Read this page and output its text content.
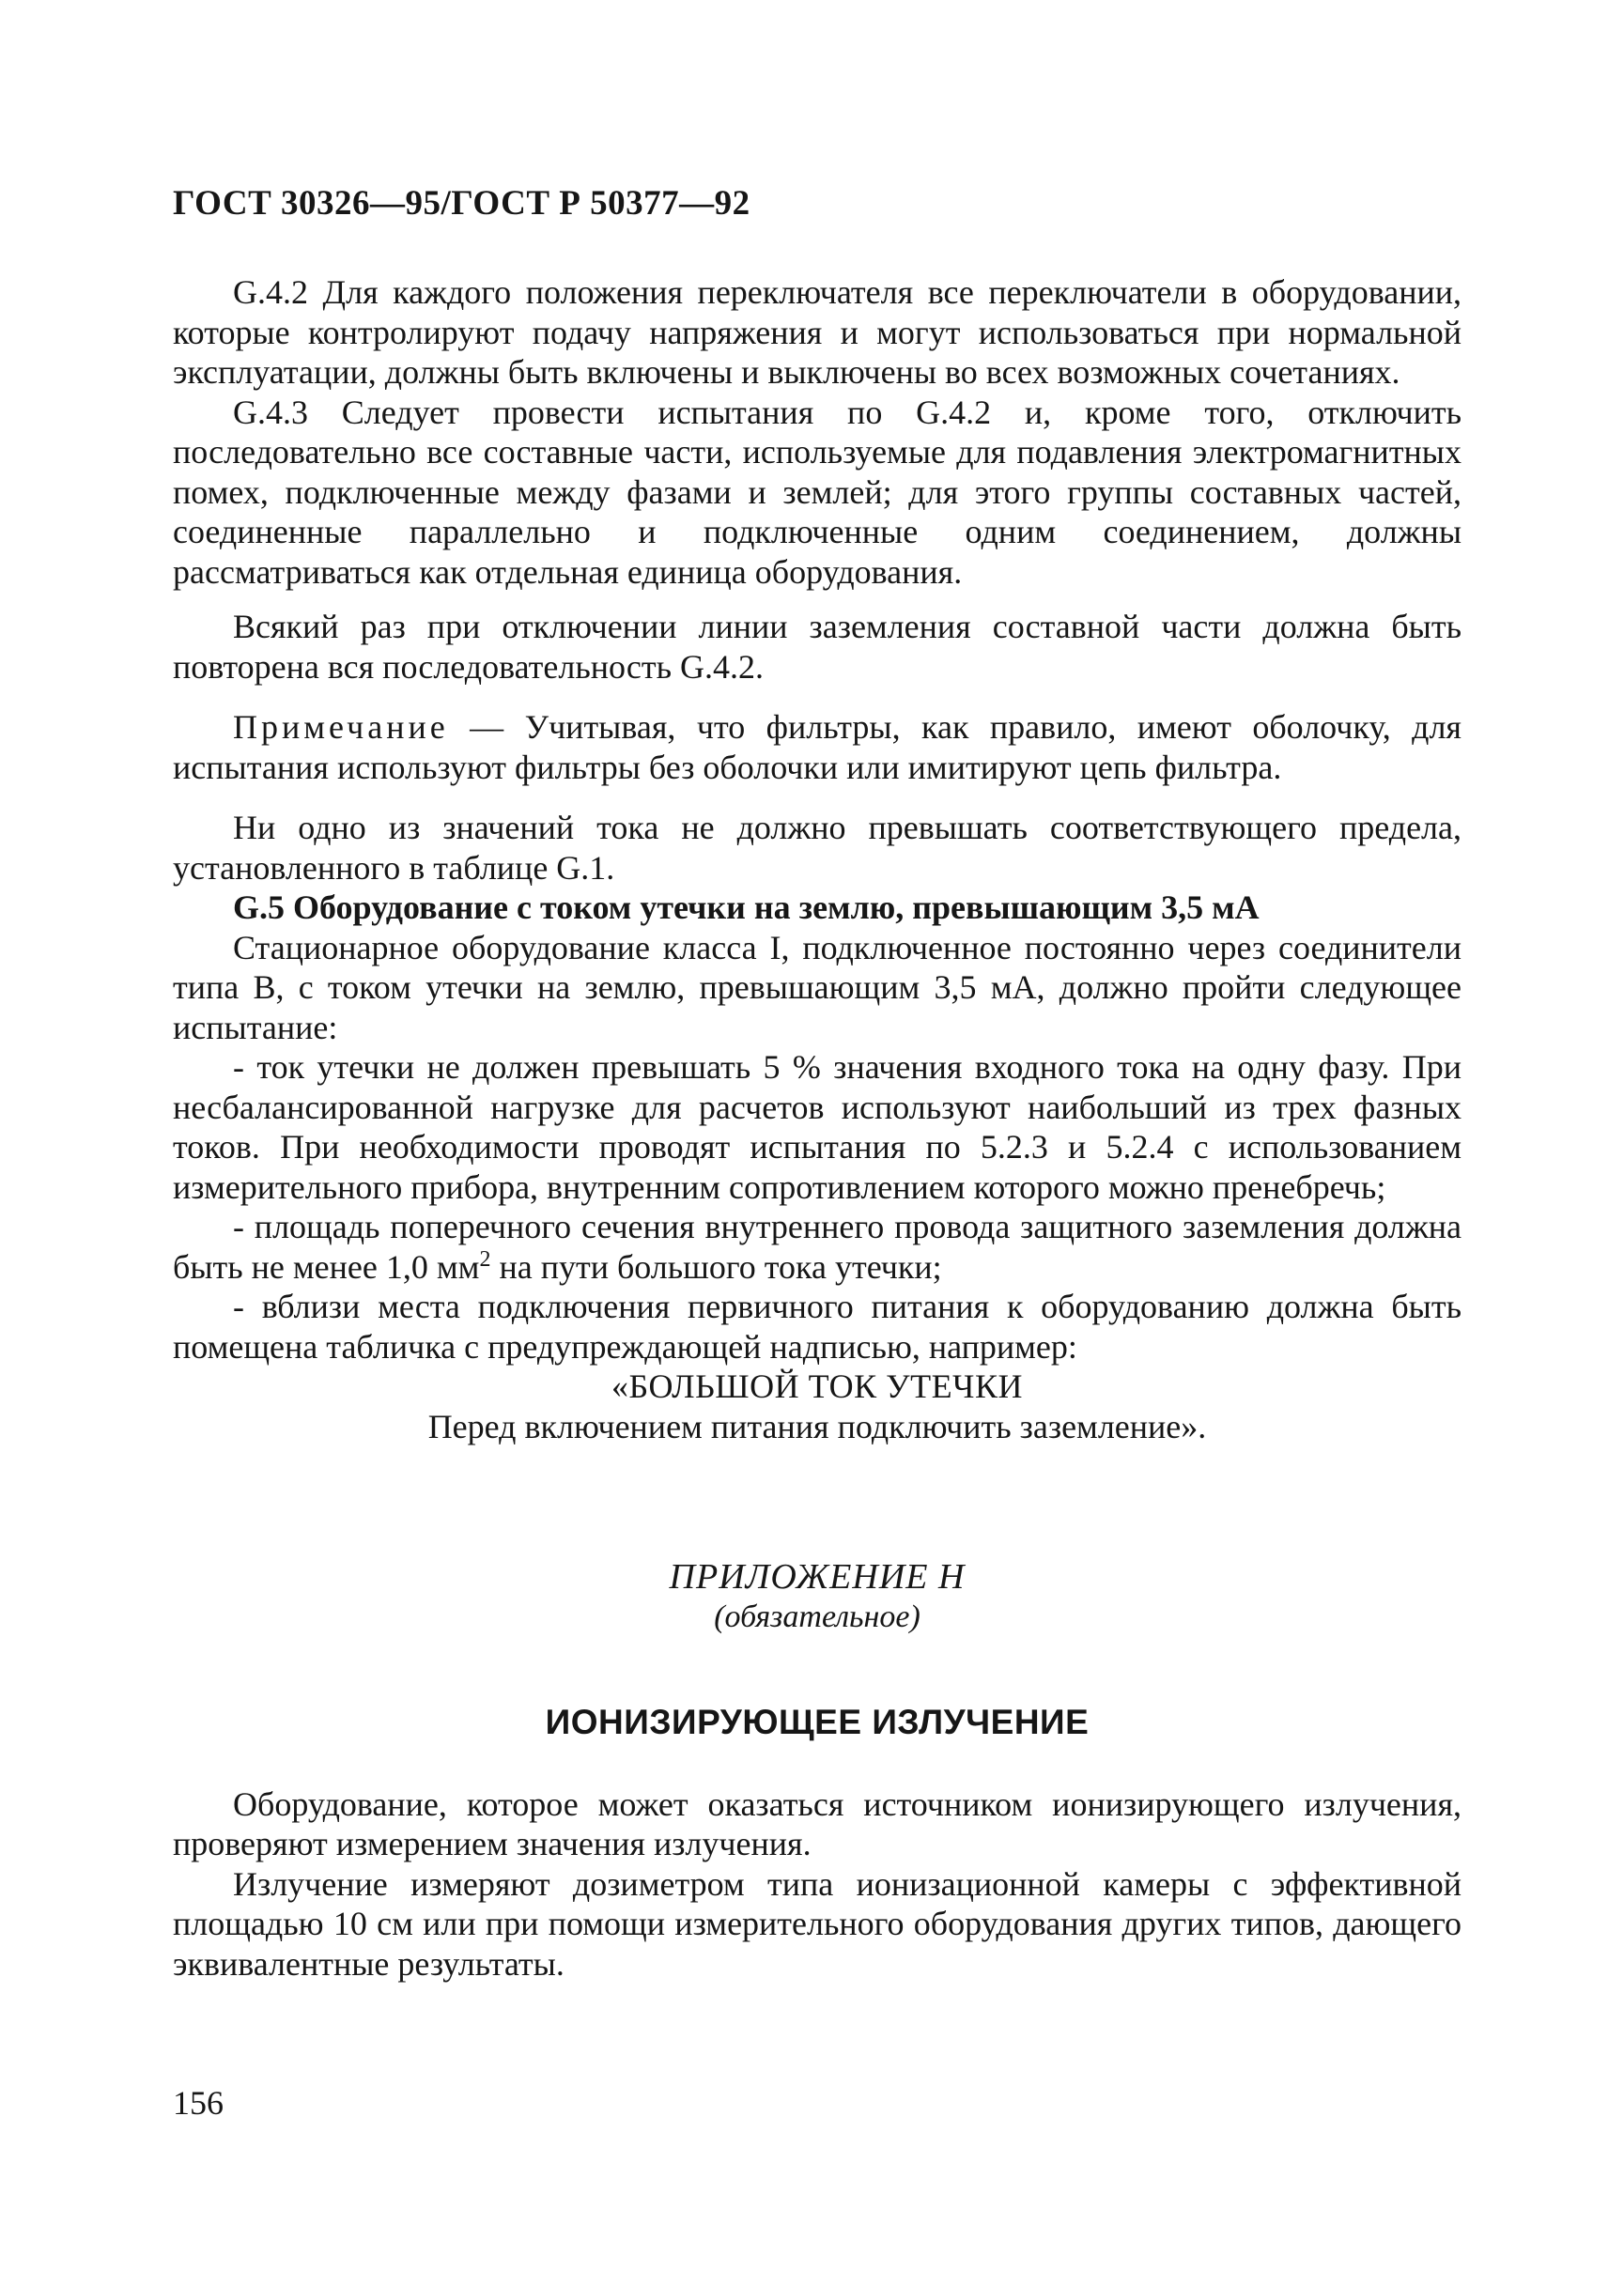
ГОСТ 30326—95/ГОСТ Р 50377—92

G.4.2 Для каждого положения переключателя все переключатели в оборудовании, которые контролируют подачу напряжения и могут использоваться при нормальной эксплуатации, должны быть включены и выключены во всех возможных сочетаниях.

G.4.3 Следует провести испытания по G.4.2 и, кроме того, отключить последовательно все составные части, используемые для подавления электромагнитных помех, подключенные между фазами и землей; для этого группы составных частей, соединенные параллельно и подключенные одним соединением, должны рассматриваться как отдельная единица оборудования.

Всякий раз при отключении линии заземления составной части должна быть повторена вся последовательность G.4.2.

Примечание — Учитывая, что фильтры, как правило, имеют оболочку, для испытания используют фильтры без оболочки или имитируют цепь фильтра.

Ни одно из значений тока не должно превышать соответствующего предела, установленного в таблице G.1.

G.5 Оборудование с током утечки на землю, превышающим 3,5 мА

Стационарное оборудование класса I, подключенное постоянно через соединители типа В, с током утечки на землю, превышающим 3,5 мА, должно пройти следующее испытание:

- ток утечки не должен превышать 5 % значения входного тока на одну фазу. При несбалансированной нагрузке для расчетов используют наибольший из трех фазных токов. При необходимости проводят испытания по 5.2.3 и 5.2.4 с использованием измерительного прибора, внутренним сопротивлением которого можно пренебречь;

- площадь поперечного сечения внутреннего провода защитного заземления должна быть не менее 1,0 $мм^2$ на пути большого тока утечки;

- вблизи места подключения первичного питания к оборудованию должна быть помещена табличка с предупреждающей надписью, например:

«БОЛЬШОЙ ТОК УТЕЧКИ

Перед включением питания подключить заземление».

ПРИЛОЖЕНИЕ Н

(обязательное)

ИОНИЗИРУЮЩЕЕ ИЗЛУЧЕНИЕ

Оборудование, которое может оказаться источником ионизирующего излучения, проверяют измерением значения излучения.

Излучение измеряют дозиметром типа ионизационной камеры с эффективной площадью 10 см или при помощи измерительного оборудования других типов, дающего эквивалентные результаты.

156
